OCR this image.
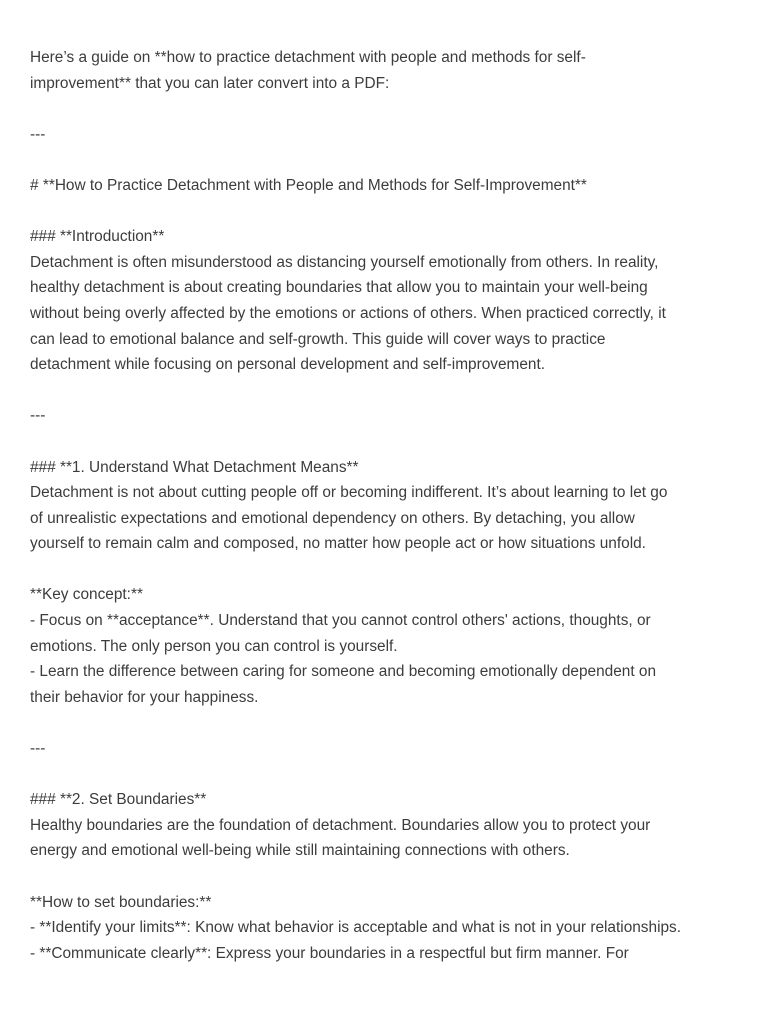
Here’s a guide on **how to practice detachment with people and methods for self-
improvement** that you can later convert into a PDF:
---
# **How to Practice Detachment with People and Methods for Self-Improvement**
### **Introduction**
Detachment is often misunderstood as distancing yourself emotionally from others. In reality,
healthy detachment is about creating boundaries that allow you to maintain your well-being
without being overly affected by the emotions or actions of others. When practiced correctly, it
can lead to emotional balance and self-growth. This guide will cover ways to practice
detachment while focusing on personal development and self-improvement.
---
### **1. Understand What Detachment Means**
Detachment is not about cutting people off or becoming indifferent. It’s about learning to let go
of unrealistic expectations and emotional dependency on others. By detaching, you allow
yourself to remain calm and composed, no matter how people act or how situations unfold.
**Key concept:**
- Focus on **acceptance**. Understand that you cannot control others' actions, thoughts, or
emotions. The only person you can control is yourself.
- Learn the difference between caring for someone and becoming emotionally dependent on
their behavior for your happiness.
---
### **2. Set Boundaries**
Healthy boundaries are the foundation of detachment. Boundaries allow you to protect your
energy and emotional well-being while still maintaining connections with others.
**How to set boundaries:**
- **Identify your limits**: Know what behavior is acceptable and what is not in your relationships.
- **Communicate clearly**: Express your boundaries in a respectful but firm manner. For
